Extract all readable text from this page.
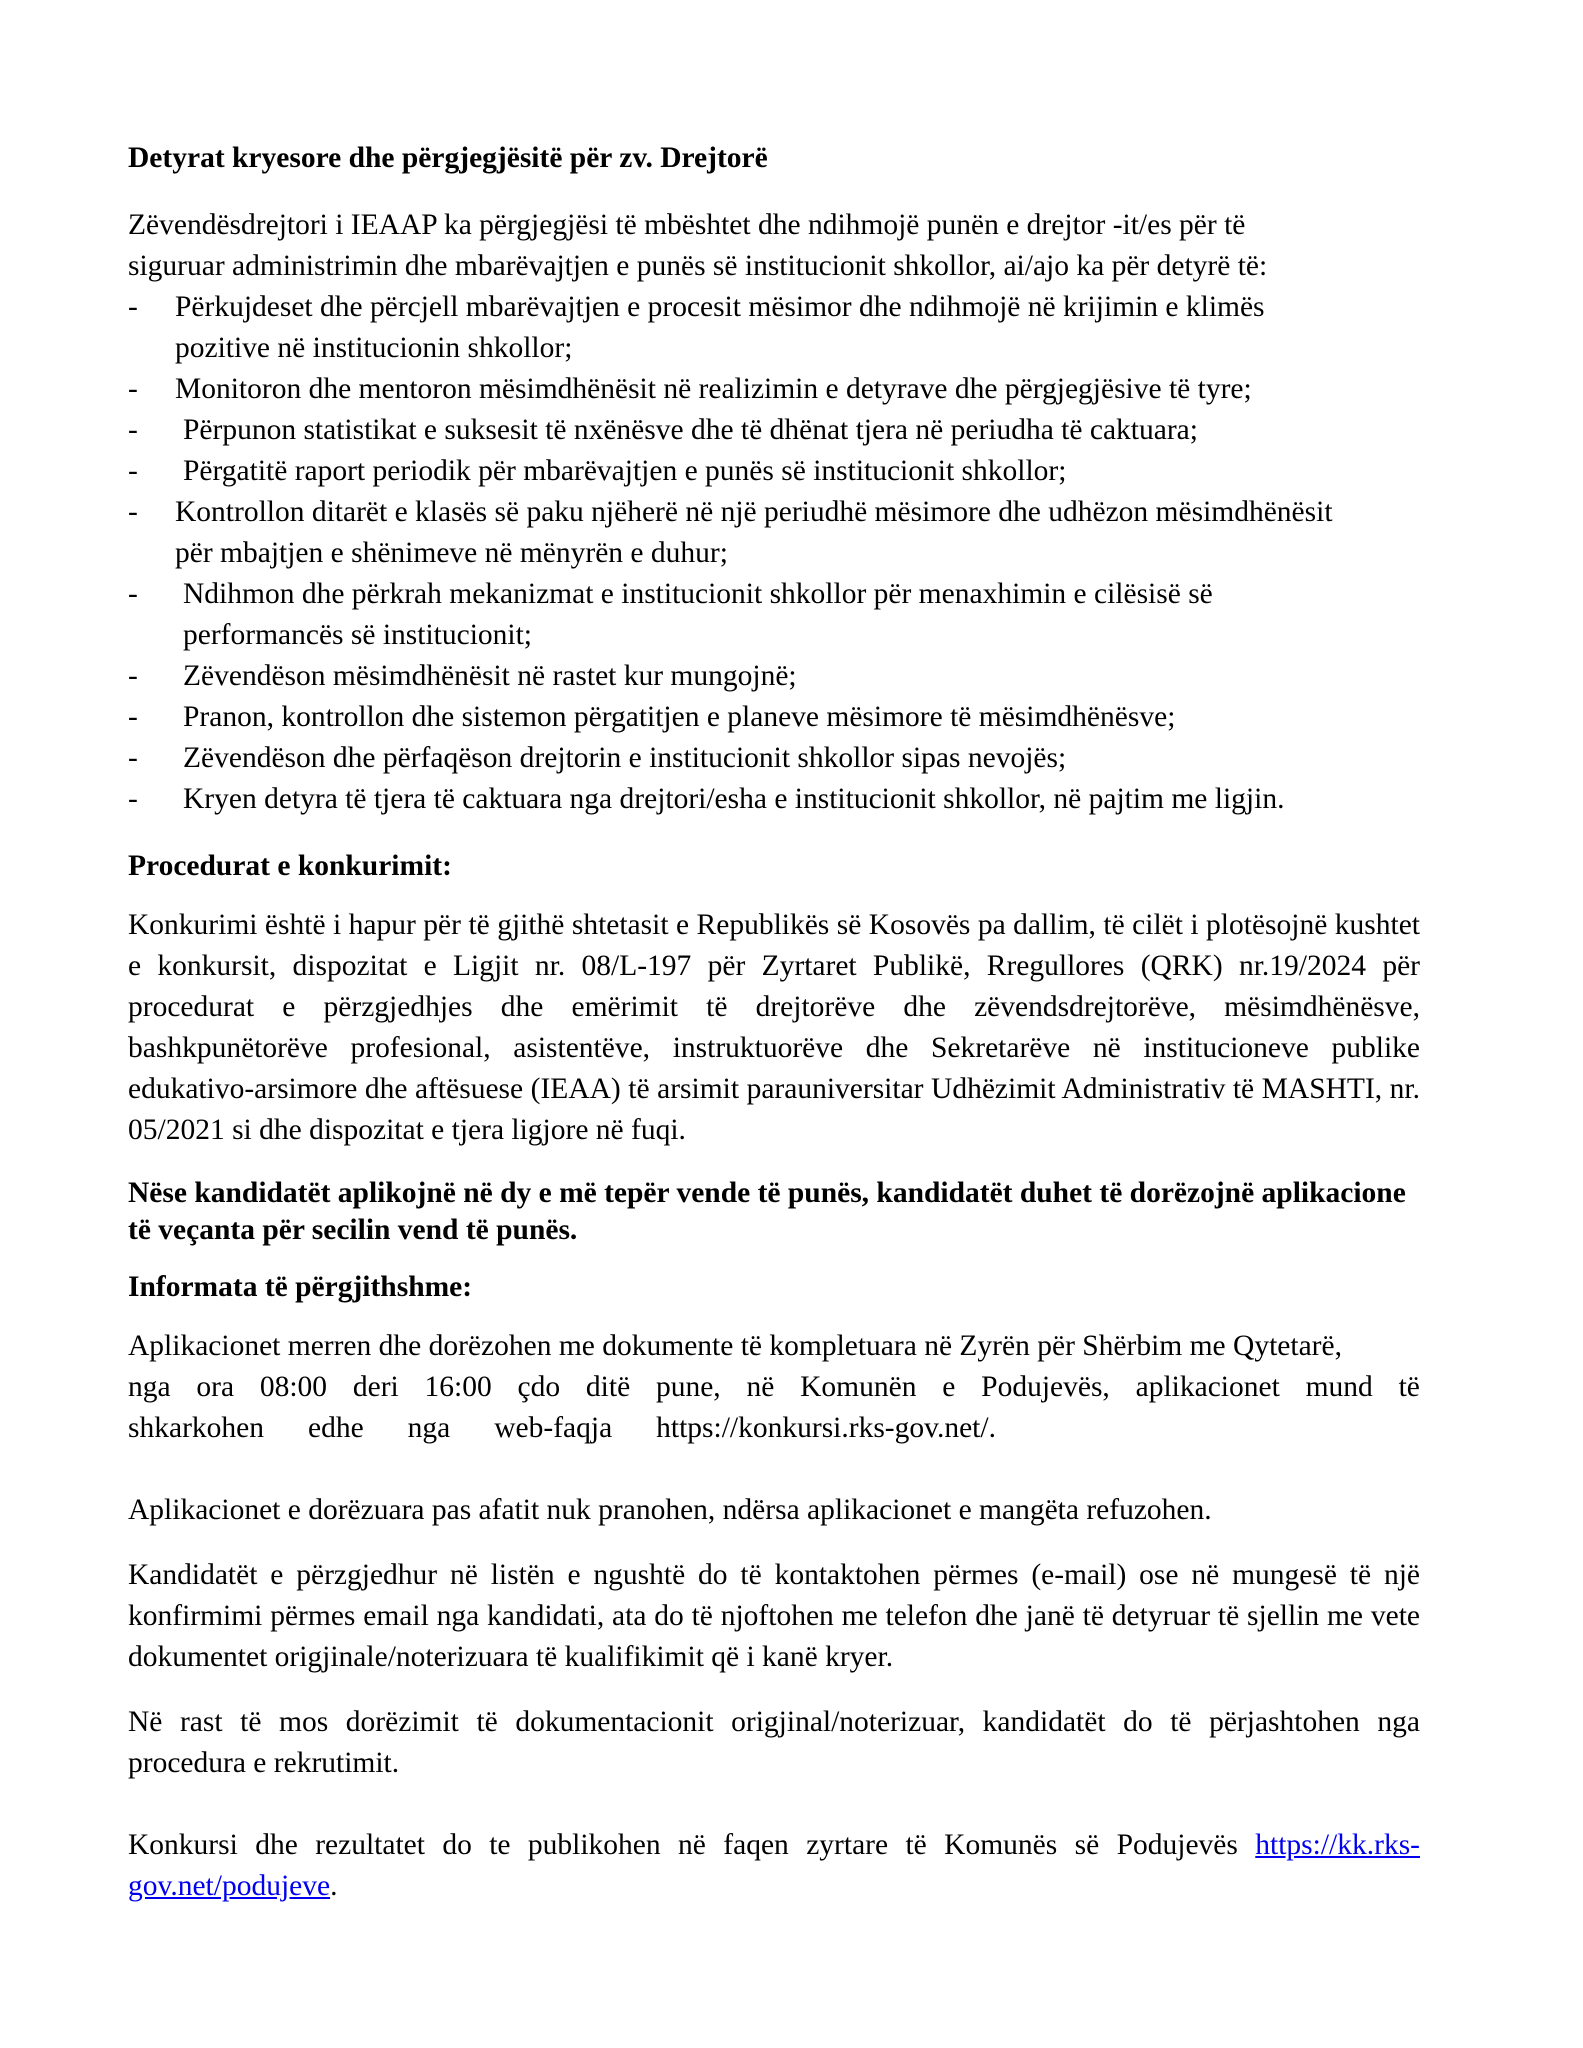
Detyrat kryesore dhe përgjegjësitë për zv. Drejtorë

Zëvendësdrejtori i IEAAP ka përgjegjësi të mbështet dhe ndihmojë punën e drejtor -it/es për të siguruar administrimin dhe mbarëvajtjen e punës së institucionit shkollor, ai/ajo ka për detyrë të:

- Përkujdeset dhe përcjell mbarëvajtjen e procesit mësimor dhe ndihmojë në krijimin e klimës pozitive në institucionin shkollor;
- Monitoron dhe mentoron mësimdhënësit në realizimin e detyrave dhe përgjegjësive të tyre;
- Përpunon statistikat e suksesit të nxënësve dhe të dhënat tjera në periudha të caktuara;
- Përgatitë raport periodik për mbarëvajtjen e punës së institucionit shkollor;
- Kontrollon ditarët e klasës së paku njëherë në një periudhë mësimore dhe udhëzon mësimdhënësit për mbajtjen e shënimeve në mënyrën e duhur;
- Ndihmon dhe përkrah mekanizmat e institucionit shkollor për menaxhimin e cilësisë së performancës së institucionit;
- Zëvendëson mësimdhënësit në rastet kur mungojnë;
- Pranon, kontrollon dhe sistemon përgatitjen e planeve mësimore të mësimdhënësve;
- Zëvendëson dhe përfaqëson drejtorin e institucionit shkollor sipas nevojës;
- Kryen detyra të tjera të caktuara nga drejtori/esha e institucionit shkollor, në pajtim me ligjin.

Procedurat e konkurimit:

Konkurimi është i hapur për të gjithë shtetasit e Republikës së Kosovës pa dallim, të cilët i plotësojnë kushtet e konkursit, dispozitat e Ligjit nr. 08/L-197 për Zyrtaret Publikë, Rregullores (QRK) nr.19/2024 për procedurat e përzgjedhjes dhe emërimit të drejtorëve dhe zëvendsdrejtorëve, mësimdhënësve, bashkpunëtorëve profesional, asistentëve, instruktuorëve dhe Sekretarëve në institucioneve publike edukativo-arsimore dhe aftësuese (IEAA) të arsimit parauniversitar Udhëzimit Administrativ të MASHTI, nr. 05/2021 si dhe dispozitat e tjera ligjore në fuqi.

Nëse kandidatët aplikojnë në dy e më tepër vende të punës, kandidatët duhet të dorëzojnë aplikacione të veçanta për secilin vend të punës.

Informata të përgjithshme:

Aplikacionet merren dhe dorëzohen me dokumente të kompletuara në Zyrën për Shërbim me Qytetarë,
nga ora 08:00 deri 16:00 çdo ditë pune, në Komunën e Podujevës, aplikacionet mund të
shkarkohen edhe nga web-faqja https://konkursi.rks-gov.net/.

Aplikacionet e dorëzuara pas afatit nuk pranohen, ndërsa aplikacionet e mangëta refuzohen.

Kandidatët e përzgjedhur në listën e ngushtë do të kontaktohen përmes (e-mail) ose në mungesë të një konfirmimi përmes email nga kandidati, ata do të njoftohen me telefon dhe janë të detyruar të sjellin me vete dokumentet origjinale/noterizuara të kualifikimit që i kanë kryer.

Në rast të mos dorëzimit të dokumentacionit origjinal/noterizuar, kandidatët do të përjashtohen nga procedura e rekrutimit.

Konkursi dhe rezultatet do te publikohen në faqen zyrtare të Komunës së Podujevës https://kk.rks-gov.net/podujeve.
